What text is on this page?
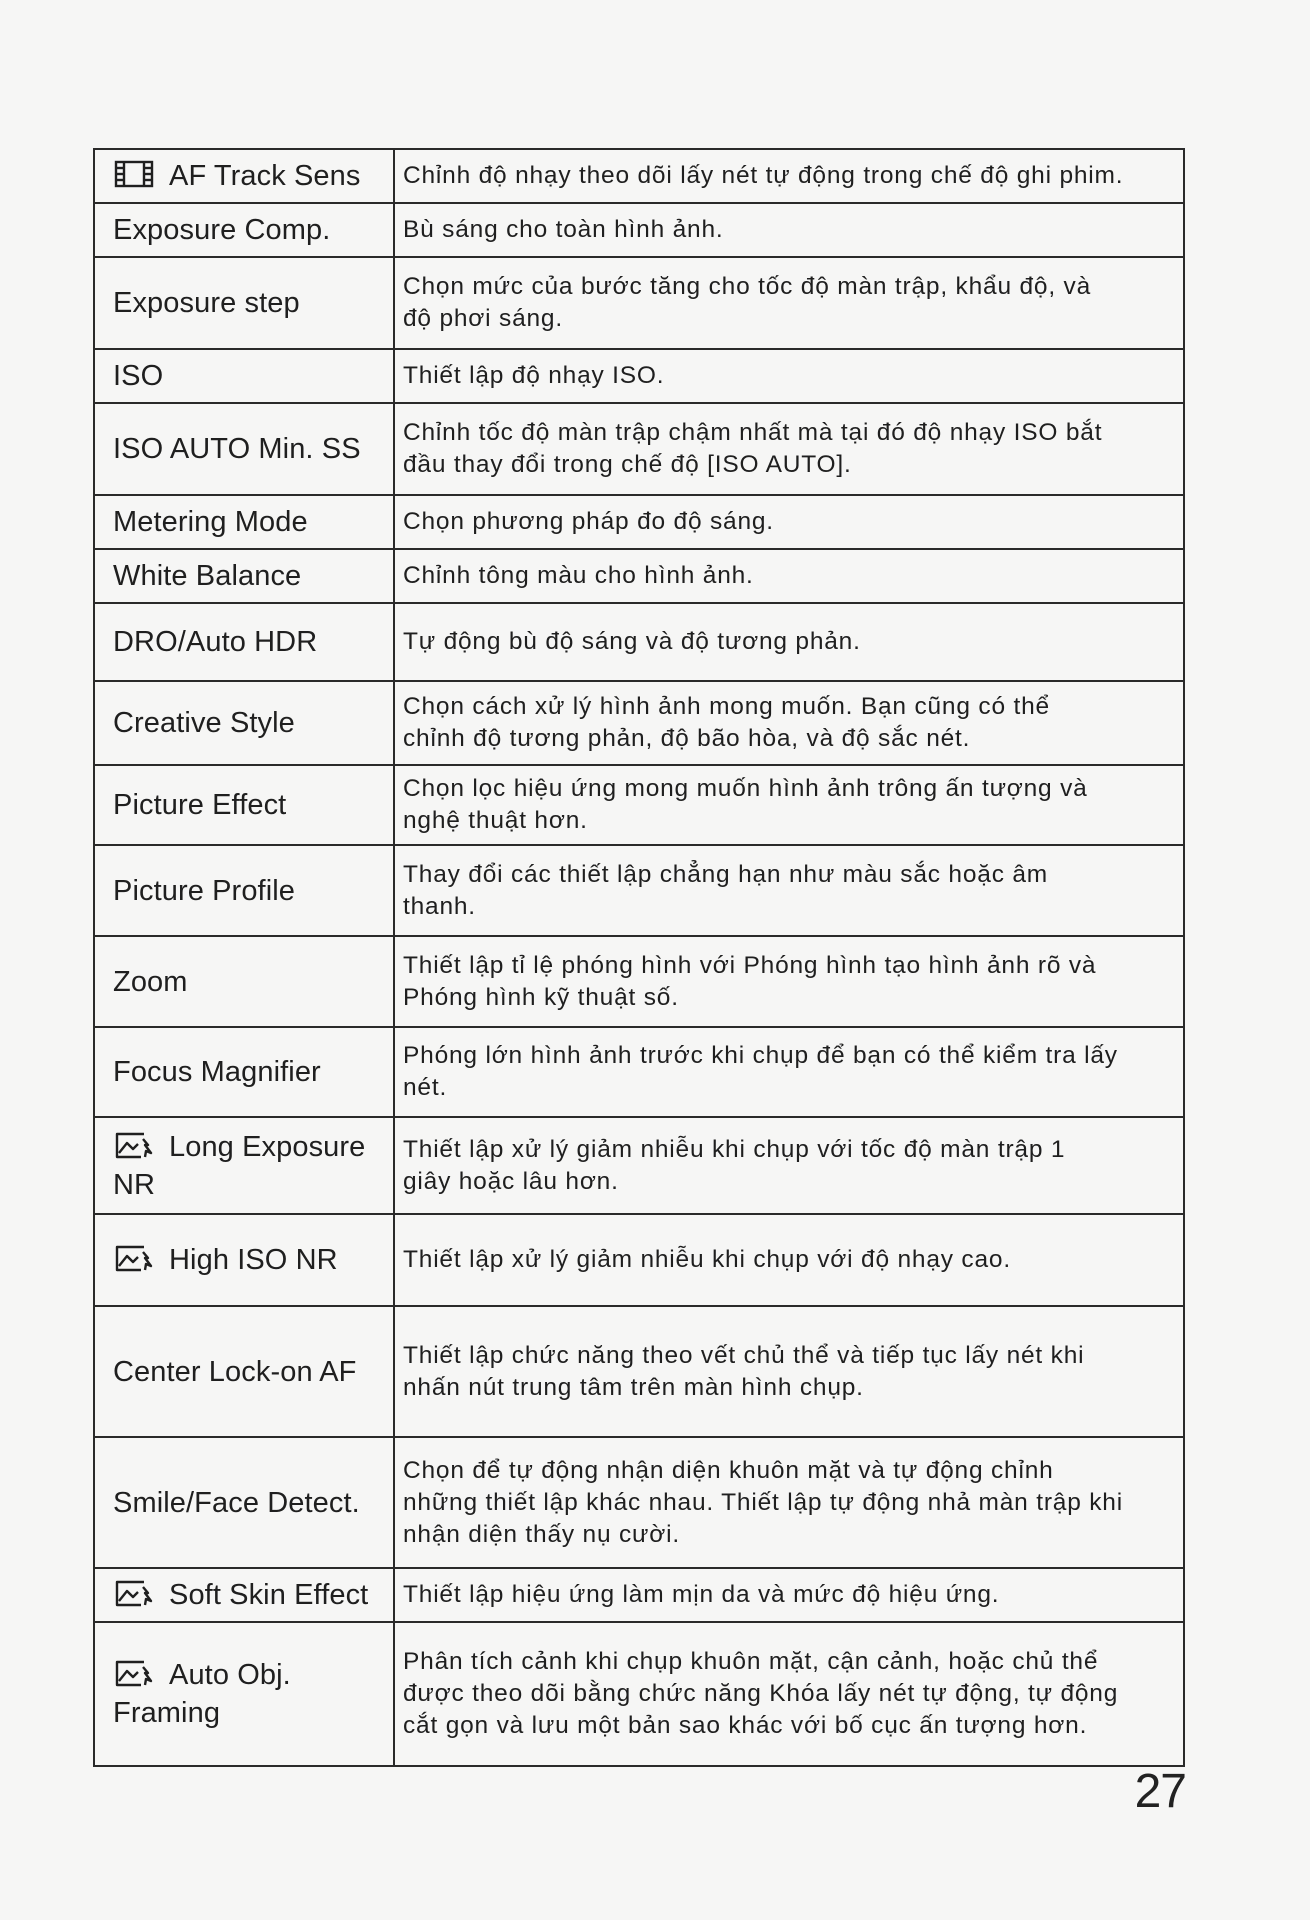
AF Track Sens	Chỉnh độ nhạy theo dõi lấy nét tự động trong chế độ ghi phim.

Exposure Comp.	Bù sáng cho toàn hình ảnh.

Exposure step	Chọn mức của bước tăng cho tốc độ màn trập, khẩu độ, và
độ phơi sáng.

ISO	Thiết lập độ nhạy ISO.

ISO AUTO Min. SS	Chỉnh tốc độ màn trập chậm nhất mà tại đó độ nhạy ISO bắt
đầu thay đổi trong chế độ [ISO AUTO].

Metering Mode	Chọn phương pháp đo độ sáng.

White Balance	Chỉnh tông màu cho hình ảnh.

DRO/Auto HDR	Tự động bù độ sáng và độ tương phản.

Creative Style	Chọn cách xử lý hình ảnh mong muốn. Bạn cũng có thể
chỉnh độ tương phản, độ bão hòa, và độ sắc nét.

Picture Effect	Chọn lọc hiệu ứng mong muốn hình ảnh trông ấn tượng và
nghệ thuật hơn.

Picture Profile	Thay đổi các thiết lập chẳng hạn như màu sắc hoặc âm
thanh.

Zoom	Thiết lập tỉ lệ phóng hình với Phóng hình tạo hình ảnh rõ và
Phóng hình kỹ thuật số.

Focus Magnifier	Phóng lớn hình ảnh trước khi chụp để bạn có thể kiểm tra lấy
nét.

Long Exposure NR	Thiết lập xử lý giảm nhiễu khi chụp với tốc độ màn trập 1
giây hoặc lâu hơn.

High ISO NR	Thiết lập xử lý giảm nhiễu khi chụp với độ nhạy cao.

Center Lock-on AF	Thiết lập chức năng theo vết chủ thể và tiếp tục lấy nét khi
nhấn nút trung tâm trên màn hình chụp.

Smile/Face Detect.	Chọn để tự động nhận diện khuôn mặt và tự động chỉnh
những thiết lập khác nhau. Thiết lập tự động nhả màn trập khi
nhận diện thấy nụ cười.

Soft Skin Effect	Thiết lập hiệu ứng làm mịn da và mức độ hiệu ứng.

Auto Obj. Framing	Phân tích cảnh khi chụp khuôn mặt, cận cảnh, hoặc chủ thể
được theo dõi bằng chức năng Khóa lấy nét tự động, tự động
cắt gọn và lưu một bản sao khác với bố cục ấn tượng hơn.
27
